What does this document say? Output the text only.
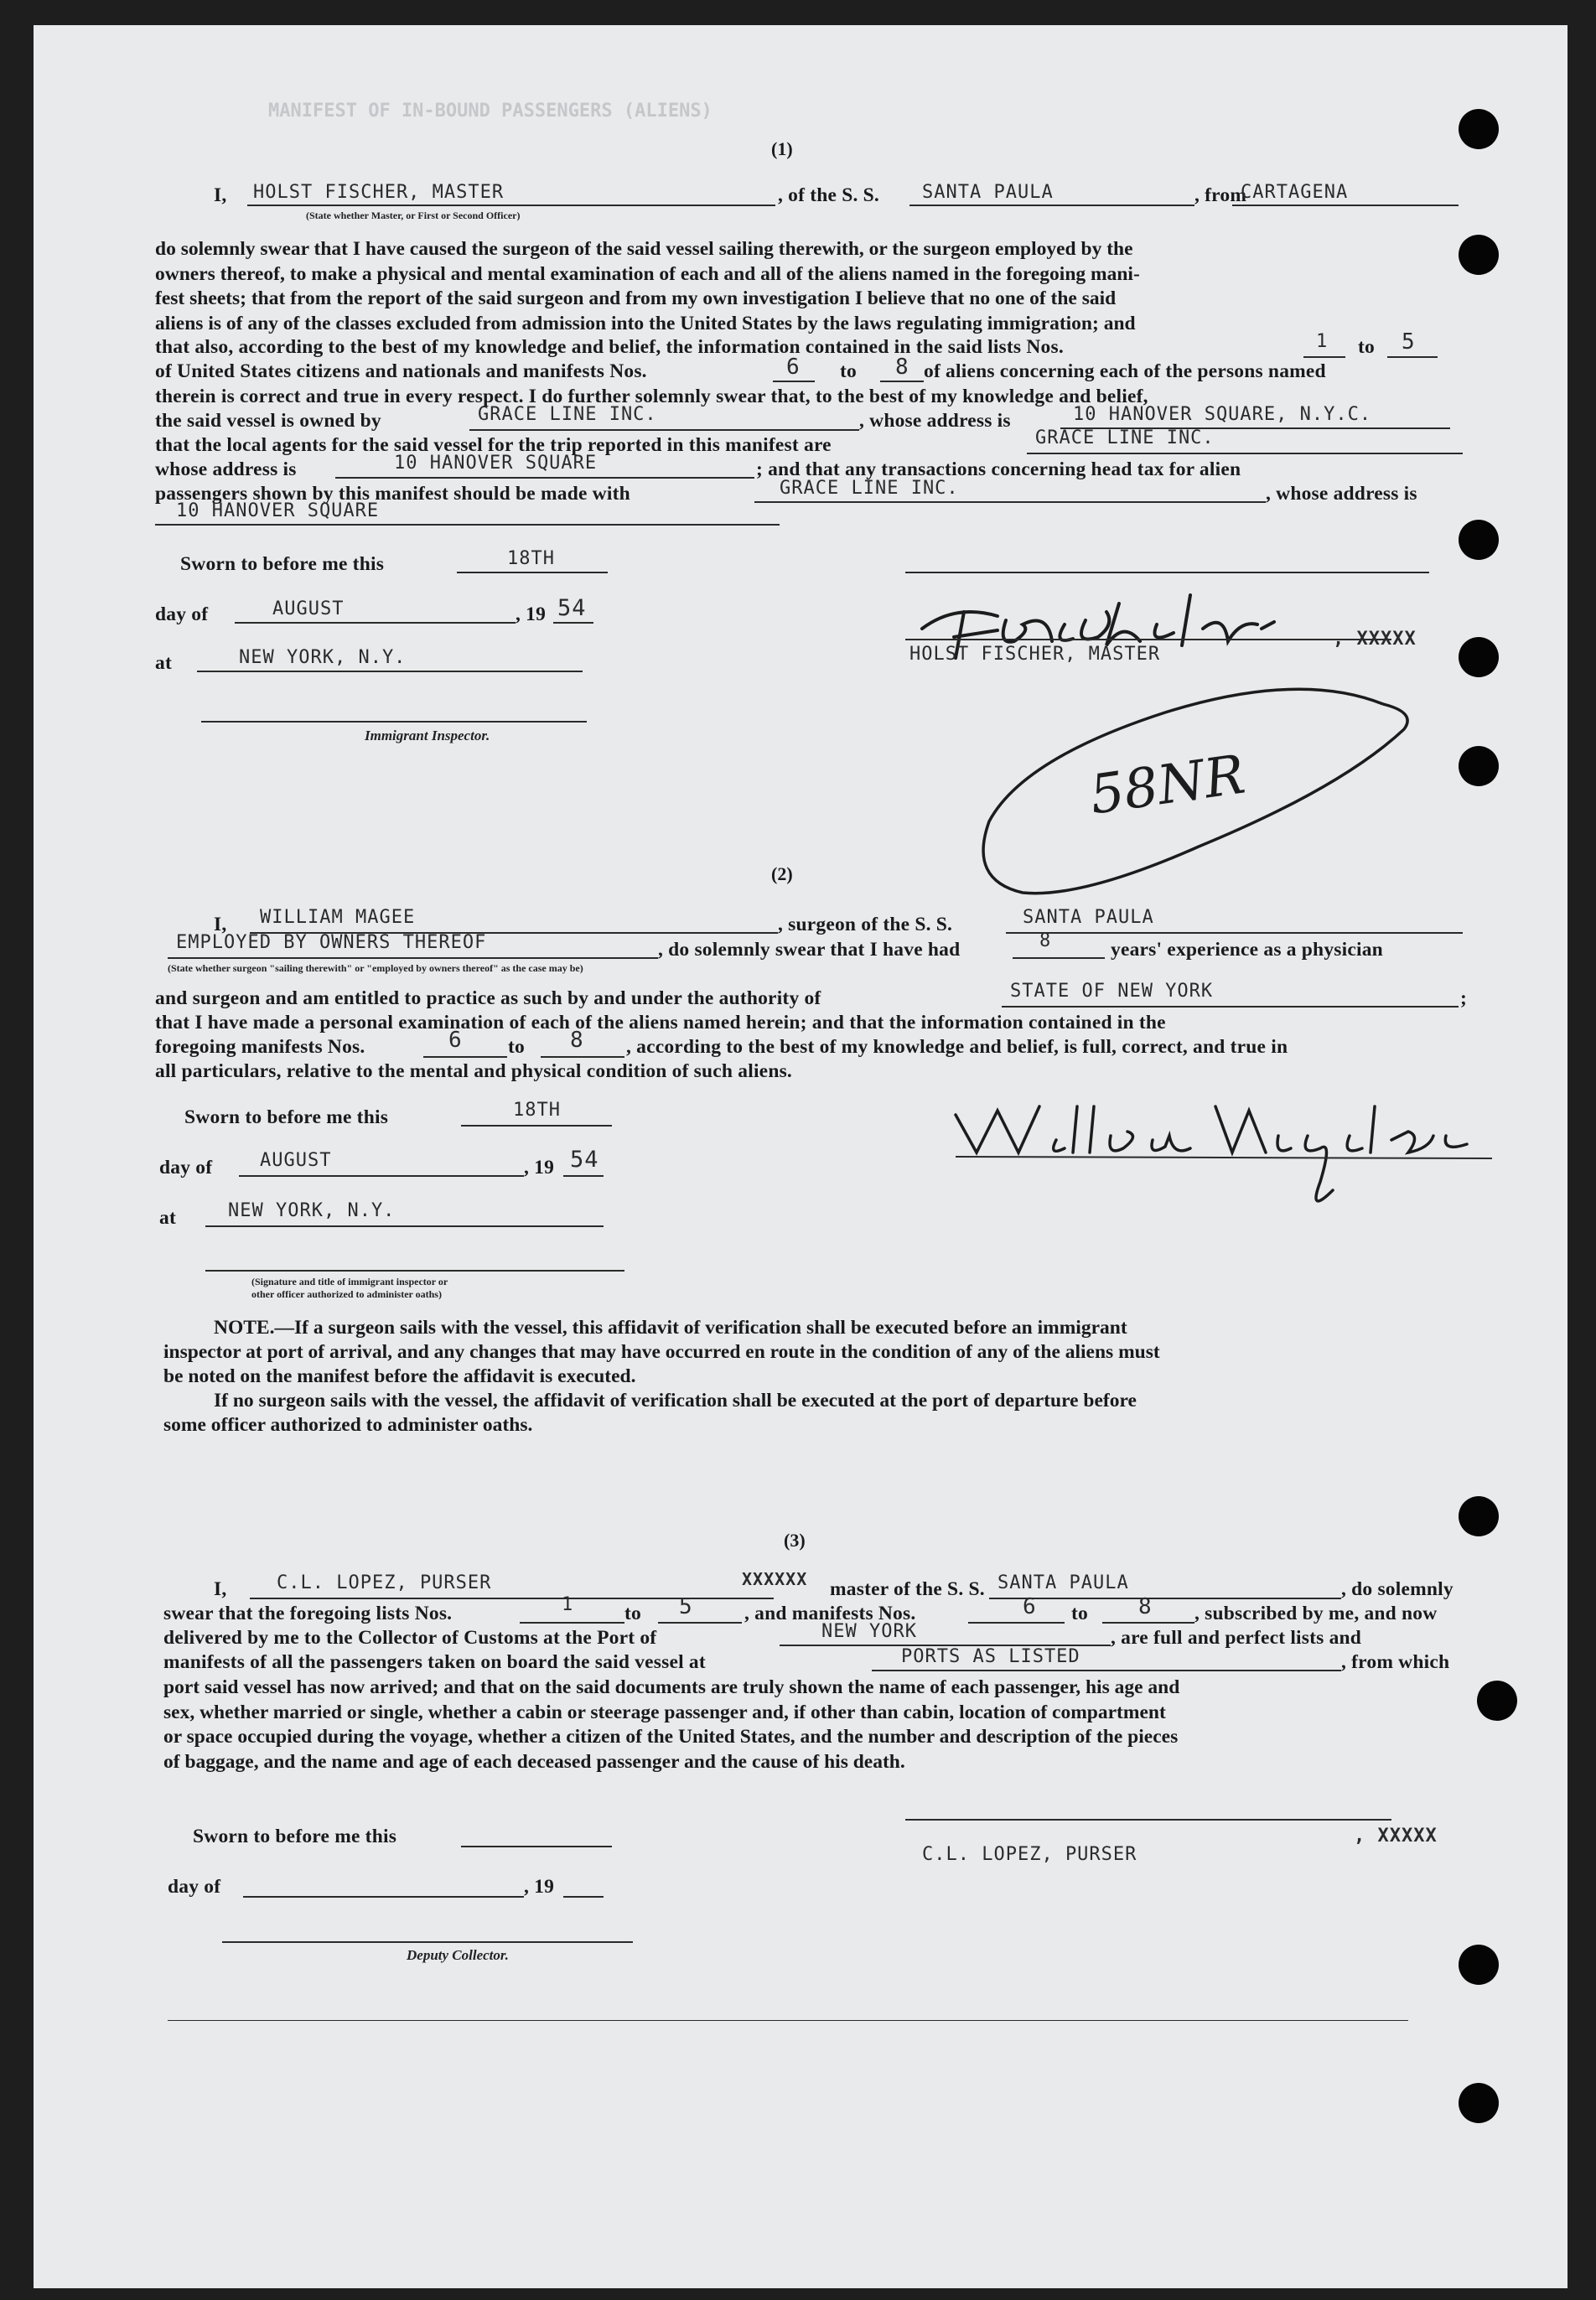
MANIFEST OF IN-BOUND PASSENGERS (ALIENS)
(1)
I, HOLST FISCHER, MASTER
(State whether Master, or First or Second Officer)
, of the S. S. SANTA PAULA	, from
CARTAGENA
do solemnly swear that I have caused the surgeon of the said vessel sailing therewith, or the surgeon employed by the
owners thereof, to make a physical and mental examination of each and all of the aliens named in the foregoing mani-
fest sheets; that from the report of the said surgeon and from my own investigation I believe that no one of the said
aliens is of any of the classes excluded from admission into the United States by the laws regulating immigration; and
that also, according to the best of my knowledge and belief, the information contained in the said lists Nos.	1 to 5
of United States citizens and nationals and manifests Nos.	6 to 8 of aliens concerning each of the persons named
therein is correct and true in every respect. I do further solemnly swear that, to the best of my knowledge and belief,
the said vessel is owned by	GRACE LINE INC.	, whose address is	10 HANOVER SQUARE, N.Y.C.
that the local agents for the said vessel for the trip reported in this manifest are	GRACE LINE INC.
whose address is	10 HANOVER SQUARE	; and that any transactions concerning head tax for alien
passengers shown by this manifest should be made with	GRACE LINE INC.	, whose address is
10 HANOVER SQUARE
Sworn to before me this	18TH
day of	AUGUST	, 19 54
at	NEW YORK, N.Y.
Immigrant Inspector.
HOLST FISCHER, MASTER
, XXXXX
58NR
(2)
I, WILLIAM MAGEE	, surgeon of the S. S.	SANTA PAULA
EMPLOYED BY OWNERS THEREOF	, do solemnly swear that I have had	8	years' experience as a physician
(State whether surgeon "sailing therewith" or "employed by owners thereof" as the case may be)
and surgeon and am entitled to practice as such by and under the authority of	STATE OF NEW YORK	;
that I have made a personal examination of each of the aliens named herein; and that the information contained in the
foregoing manifests Nos.	6 to 8 , according to the best of my knowledge and belief, is full, correct, and true in
all particulars, relative to the mental and physical condition of such aliens.
Sworn to before me this	18TH
day of	AUGUST	, 19 54
at	NEW YORK, N.Y.
(Signature and title of immigrant inspector or
other officer authorized to administer oaths)
NOTE.—If a surgeon sails with the vessel, this affidavit of verification shall be executed before an immigrant
inspector at port of arrival, and any changes that may have occurred en route in the condition of any of the aliens must
be noted on the manifest before the affidavit is executed.
If no surgeon sails with the vessel, the affidavit of verification shall be executed at the port of departure before
some officer authorized to administer oaths.
(3)
I,	C.L. LOPEZ, PURSER	XXXXXX master of the S. S. SANTA PAULA	, do solemnly
swear that the foregoing lists Nos.	1	to 5	, and manifests Nos.	6 to 8 , subscribed by me, and now
delivered by me to the Collector of Customs at the Port of	NEW YORK	, are full and perfect lists and
manifests of all the passengers taken on board the said vessel at	PORTS AS LISTED	, from which
port said vessel has now arrived; and that on the said documents are truly shown the name of each passenger, his age and
sex, whether married or single, whether a cabin or steerage passenger and, if other than cabin, location of compartment
or space occupied during the voyage, whether a citizen of the United States, and the number and description of the pieces
of baggage, and the name and age of each deceased passenger and the cause of his death.
Sworn to before me this
day of	, 19
Deputy Collector.
C.L. LOPEZ, PURSER
, XXXXX
